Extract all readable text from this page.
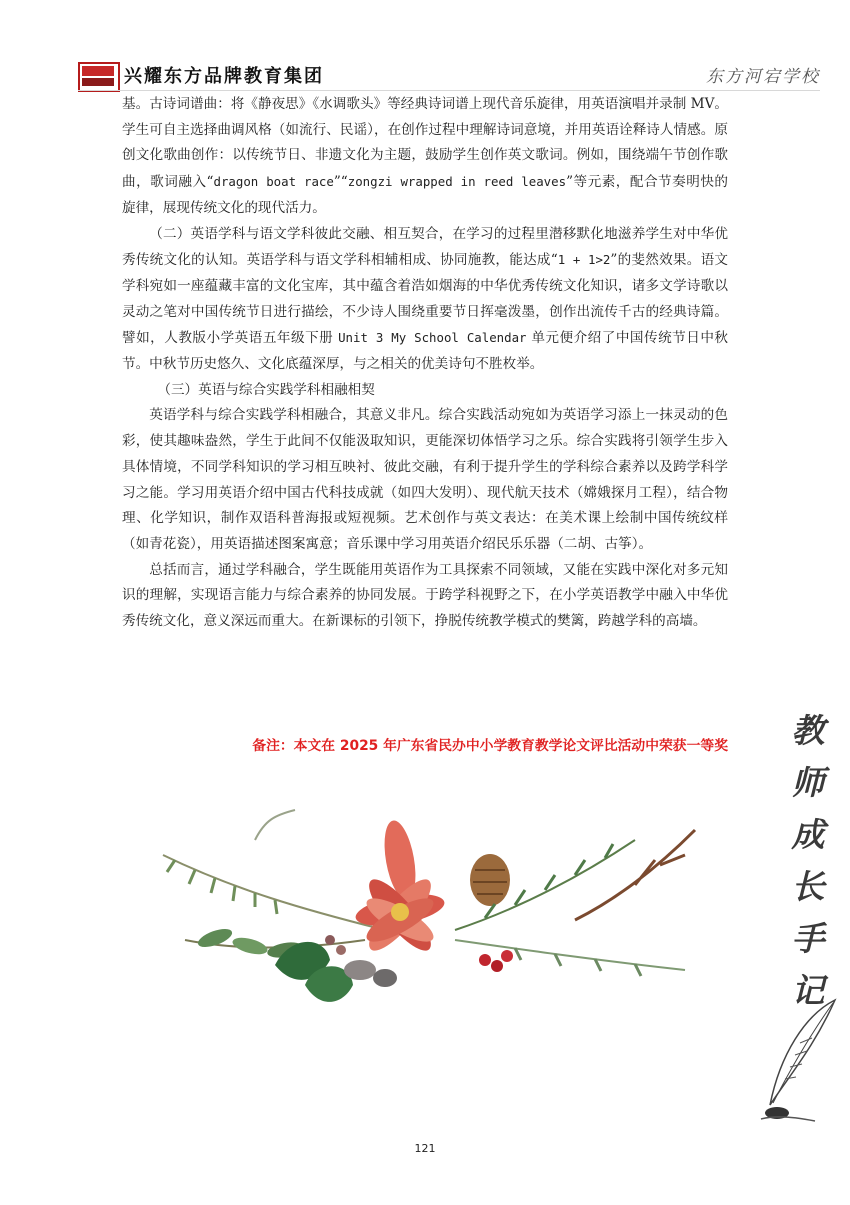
兴耀东方品牌教育集团	东方河宕学校

基。古诗词谱曲：将《静夜思》《水调歌头》等经典诗词谱上现代音乐旋律，用英语演唱并录制 MV。学生可自主选择曲调风格（如流行、民谣），在创作过程中理解诗词意境，并用英语诠释诗人情感。原创文化歌曲创作：以传统节日、非遗文化为主题，鼓励学生创作英文歌词。例如，围绕端午节创作歌曲，歌词融入“dragon boat race”“zongzi wrapped in reed leaves”等元素，配合节奏明快的旋律，展现传统文化的现代活力。

（二）英语学科与语文学科彼此交融、相互契合，在学习的过程里潜移默化地滋养学生对中华优秀传统文化的认知。英语学科与语文学科相辅相成、协同施教，能达成“1 + 1>2”的斐然效果。语文学科宛如一座蕴藏丰富的文化宝库，其中蕴含着浩如烟海的中华优秀传统文化知识，诸多文学诗歌以灵动之笔对中国传统节日进行描绘，不少诗人围绕重要节日挥毫泼墨，创作出流传千古的经典诗篇。譬如，人教版小学英语五年级下册 Unit 3 My School Calendar 单元便介绍了中国传统节日中秋节。中秋节历史悠久、文化底蕴深厚，与之相关的优美诗句不胜枚举。

（三）英语与综合实践学科相融相契

英语学科与综合实践学科相融合，其意义非凡。综合实践活动宛如为英语学习添上一抹灵动的色彩，使其趣味盎然，学生于此间不仅能汲取知识，更能深切体悟学习之乐。综合实践将引领学生步入具体情境，不同学科知识的学习相互映衬、彼此交融，有利于提升学生的学科综合素养以及跨学科学习之能。学习用英语介绍中国古代科技成就（如四大发明）、现代航天技术（嫦娥探月工程），结合物理、化学知识，制作双语科普海报或短视频。艺术创作与英文表达：在美术课上绘制中国传统纹样（如青花瓷），用英语描述图案寓意；音乐课中学习用英语介绍民乐乐器（二胡、古筝）。

总括而言，通过学科融合，学生既能用英语作为工具探索不同领域，又能在实践中深化对多元知识的理解，实现语言能力与综合素养的协同发展。于跨学科视野之下，在小学英语教学中融入中华优秀传统文化，意义深远而重大。在新课标的引领下，挣脱传统教学模式的樊篱，跨越学科的高墙。

备注：本文在 2025 年广东省民办中小学教育教学论文评比活动中荣获一等奖 教
师
成
长
手
记
121
